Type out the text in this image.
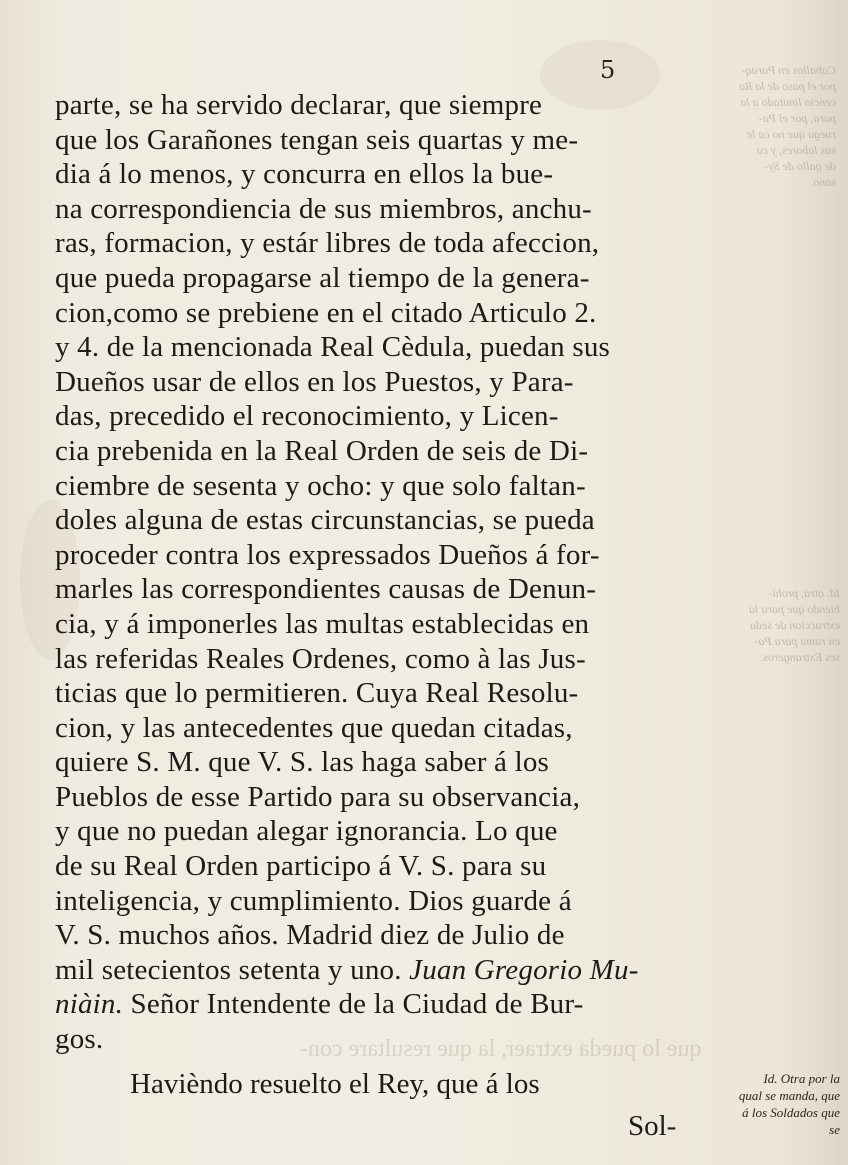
Caballos en Paraq-
por el paso de la Ra
cencio limitado a la
para, por el Pa-
ruega que no ca le
sus labores, y ca
de gallo de Sy-
sano.
Id. otra, prohi-
biendo que para la
extraccion de seda
en rama para Pa-
ses Extrangeros.
que lo pueda extraer, la que resultare con-
5
parte, se ha servido declarar, que siempre
que los Garañones tengan seis quartas y me-
dia á lo menos, y concurra en ellos la bue-
na correspondiencia de sus miembros, anchu-
ras, formacion, y estár libres de toda afeccion,
que pueda propagarse al tiempo de la genera-
cion,como se prebiene en el citado Articulo 2.
y 4. de la mencionada Real Cèdula, puedan sus
Dueños usar de ellos en los Puestos, y Para-
das, precedido el reconocimiento, y Licen-
cia prebenida en la Real Orden de seis de Di-
ciembre de sesenta y ocho: y que solo faltan-
doles alguna de estas circunstancias, se pueda
proceder contra los expressados Dueños á for-
marles las correspondientes causas de Denun-
cia, y á imponerles las multas establecidas en
las referidas Reales Ordenes, como à las Jus-
ticias que lo permitieren. Cuya Real Resolu-
cion, y las antecedentes que quedan citadas,
quiere S. M. que V. S. las haga saber á los
Pueblos de esse Partido para su observancia,
y que no puedan alegar ignorancia. Lo que
de su Real Orden participo á V. S. para su
inteligencia, y cumplimiento. Dios guarde á
V. S. muchos años. Madrid diez de Julio de
mil setecientos setenta y uno. Juan Gregorio Mu-
niàin. Señor Intendente de la Ciudad de Bur-
gos.
Havièndo resuelto el Rey, que á los
Sol-
Id. Otra por la
qual se manda, que
á los Soldados que
se
